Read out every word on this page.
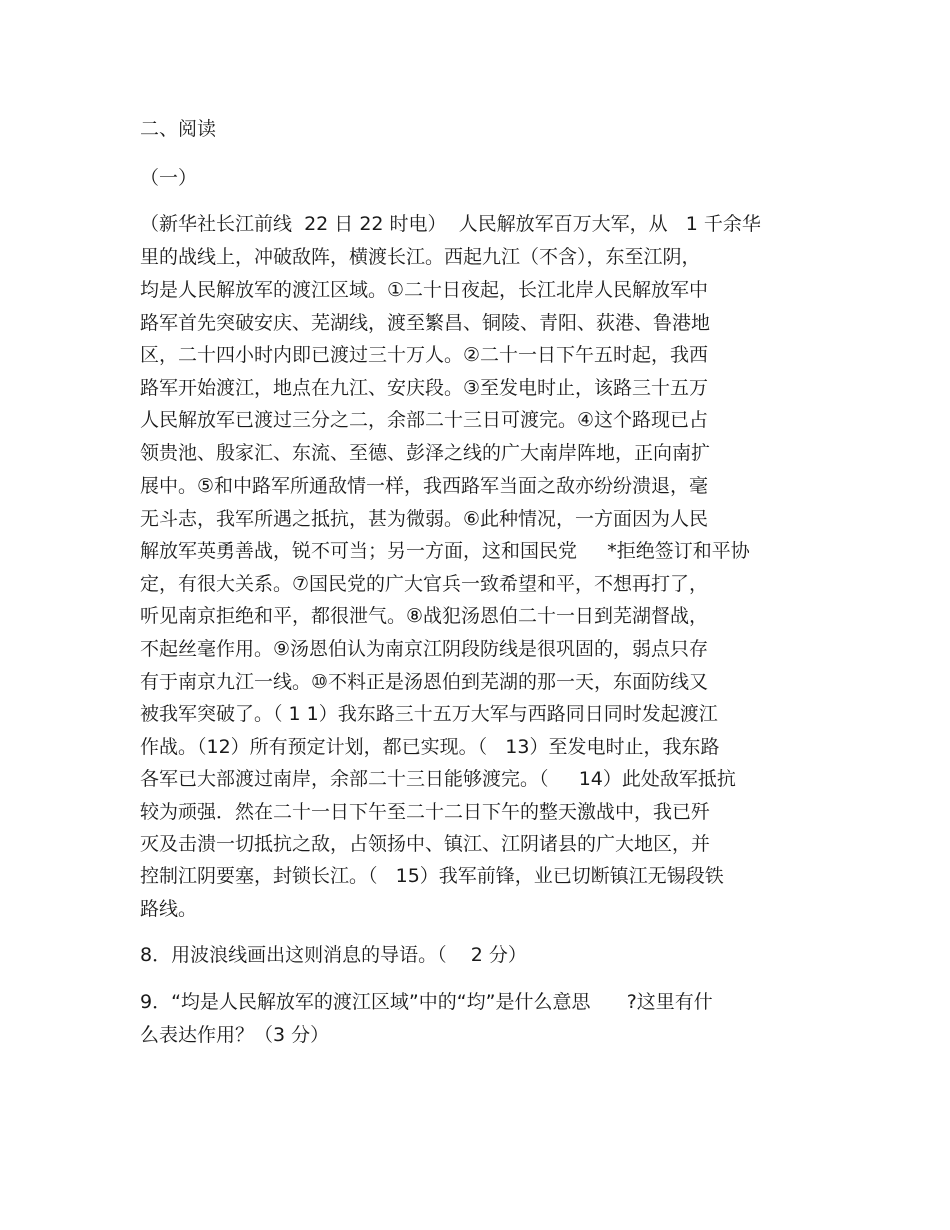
二、阅读
（一）
（新华社长江前线  22 日 22 时电）  人民解放军百万大军，从   1 千余华
里的战线上，冲破敌阵，横渡长江。西起九江（不含），东至江阴，
均是人民解放军的渡江区域。①二十日夜起，长江北岸人民解放军中
路军首先突破安庆、芜湖线，渡至繁昌、铜陵、青阳、荻港、鲁港地
区，二十四小时内即已渡过三十万人。②二十一日下午五时起，我西
路军开始渡江，地点在九江、安庆段。③至发电时止，该路三十五万
人民解放军已渡过三分之二，余部二十三日可渡完。④这个路现已占
领贵池、殷家汇、东流、至德、彭泽之线的广大南岸阵地，正向南扩
展中。⑤和中路军所通敌情一样，我西路军当面之敌亦纷纷溃退，毫
无斗志，我军所遇之抵抗，甚为微弱。⑥此种情况，一方面因为人民
解放军英勇善战，锐不可当；另一方面，这和国民党     *拒绝签订和平协
定，有很大关系。⑦国民党的广大官兵一致希望和平，不想再打了，
听见南京拒绝和平，都很泄气。⑧战犯汤恩伯二十一日到芜湖督战，
不起丝毫作用。⑨汤恩伯认为南京江阴段防线是很巩固的，弱点只存
有于南京九江一线。⑩不料正是汤恩伯到芜湖的那一天，东面防线又
被我军突破了。（ 1 1）我东路三十五万大军与西路同日同时发起渡江
作战。（12）所有预定计划，都已实现。（   13）至发电时止，我东路
各军已大部渡过南岸，余部二十三日能够渡完。（     14）此处敌军抵抗
较为顽强．然在二十一日下午至二十二日下午的整天激战中，我已歼
灭及击溃一切抵抗之敌，占领扬中、镇江、江阴诸县的广大地区，并
控制江阴要塞，封锁长江。（   15）我军前锋，业已切断镇江无锡段铁
路线。
8．用波浪线画出这则消息的导语。（    2 分）
9．“均是人民解放军的渡江区域”中的“均”是什么意思      ?这里有什
么表达作用？（3 分）
